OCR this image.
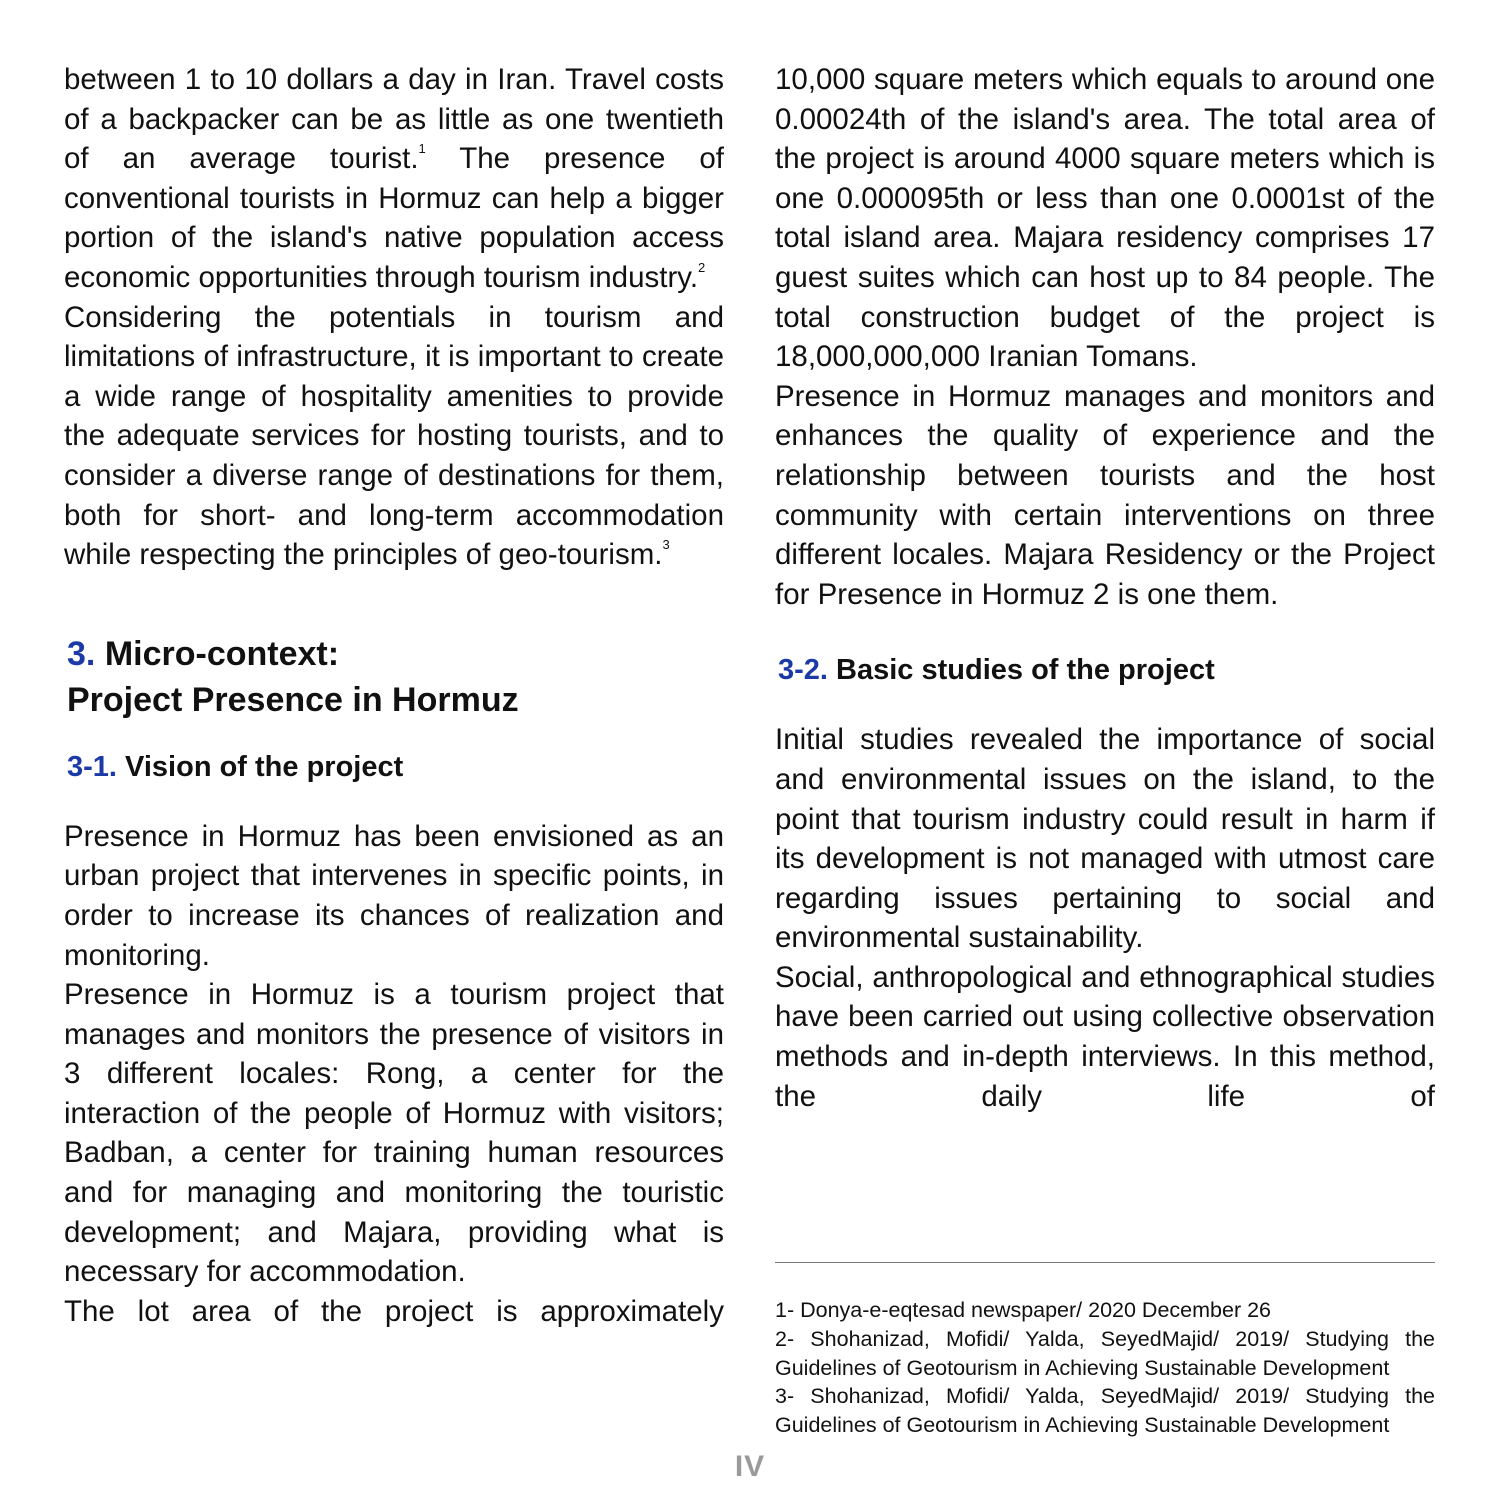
between 1 to 10 dollars a day in Iran. Travel costs of a backpacker can be as little as one twentieth of an average tourist.$^1$ The presence of conventional tourists in Hormuz can help a bigger portion of the island's native population access economic opportunities through tourism industry.$^2$

Considering the potentials in tourism and limitations of infrastructure, it is important to create a wide range of hospitality amenities to provide the adequate services for hosting tourists, and to consider a diverse range of destinations for them, both for short- and long-term accommodation while respecting the principles of geo-tourism.$^3$

3. Micro-context:
Project Presence in Hormuz

3-1. Vision of the project

Presence in Hormuz has been envisioned as an urban project that intervenes in specific points, in order to increase its chances of realization and monitoring.

Presence in Hormuz is a tourism project that manages and monitors the presence of visitors in 3 different locales: Rong, a center for the interaction of the people of Hormuz with visitors; Badban, a center for training human resources and for managing and monitoring the touristic development; and Majara, providing what is necessary for accommodation.

The lot area of the project is approximately

10,000 square meters which equals to around one 0.00024th of the island's area. The total area of the project is around 4000 square meters which is one 0.000095th or less than one 0.0001st of the total island area. Majara residency comprises 17 guest suites which can host up to 84 people. The total construction budget of the project is 18,000,000,000 Iranian Tomans.

Presence in Hormuz manages and monitors and enhances the quality of experience and the relationship between tourists and the host community with certain interventions on three different locales. Majara Residency or the Project for Presence in Hormuz 2 is one them.

3-2. Basic studies of the project

Initial studies revealed the importance of social and environmental issues on the island, to the point that tourism industry could result in harm if its development is not managed with utmost care regarding issues pertaining to social and environmental sustainability.

Social, anthropological and ethnographical studies have been carried out using collective observation methods and in-depth interviews. In this method, the daily life of

1- Donya-e-eqtesad newspaper/ 2020 December 26

2- Shohanizad, Mofidi/ Yalda, SeyedMajid/ 2019/ Studying the Guidelines of Geotourism in Achieving Sustainable Development

3- Shohanizad, Mofidi/ Yalda, SeyedMajid/ 2019/ Studying the Guidelines of Geotourism in Achieving Sustainable Development

IV
